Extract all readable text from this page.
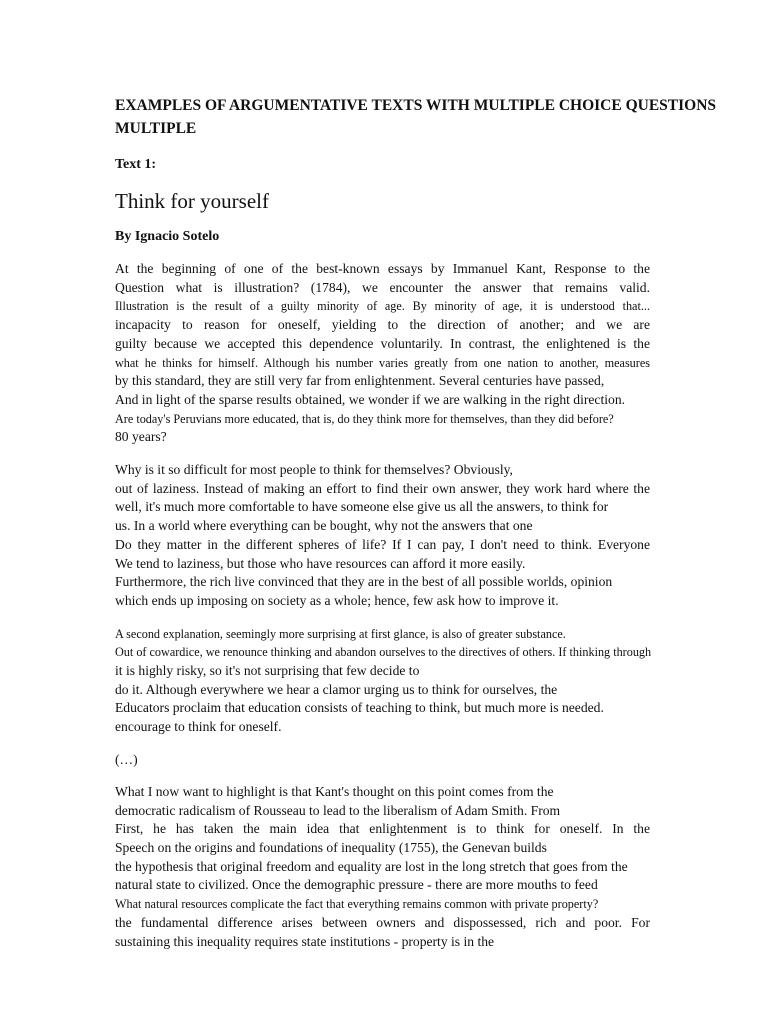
EXAMPLES OF ARGUMENTATIVE TEXTS WITH MULTIPLE CHOICE QUESTIONS
MULTIPLE
Text 1:
Think for yourself
By Ignacio Sotelo
At the beginning of one of the best-known essays by Immanuel Kant, Response to the
Question what is illustration? (1784), we encounter the answer that remains valid.
Illustration is the result of a guilty minority of age. By minority of age, it is understood that...
incapacity to reason for oneself, yielding to the direction of another; and we are
guilty because we accepted this dependence voluntarily. In contrast, the enlightened is the
what he thinks for himself. Although his number varies greatly from one nation to another, measures
by this standard, they are still very far from enlightenment. Several centuries have passed,
And in light of the sparse results obtained, we wonder if we are walking in the right direction.
Are today's Peruvians more educated, that is, do they think more for themselves, than they did before?
80 years?
Why is it so difficult for most people to think for themselves? Obviously,
out of laziness. Instead of making an effort to find their own answer, they work hard where the
well, it's much more comfortable to have someone else give us all the answers, to think for
us. In a world where everything can be bought, why not the answers that one
Do they matter in the different spheres of life? If I can pay, I don't need to think. Everyone
We tend to laziness, but those who have resources can afford it more easily.
Furthermore, the rich live convinced that they are in the best of all possible worlds, opinion
which ends up imposing on society as a whole; hence, few ask how to improve it.
A second explanation, seemingly more surprising at first glance, is also of greater substance.
Out of cowardice, we renounce thinking and abandon ourselves to the directives of others. If thinking through
it is highly risky, so it's not surprising that few decide to
do it. Although everywhere we hear a clamor urging us to think for ourselves, the
Educators proclaim that education consists of teaching to think, but much more is needed.
encourage to think for oneself.
(…)
What I now want to highlight is that Kant's thought on this point comes from the
democratic radicalism of Rousseau to lead to the liberalism of Adam Smith. From
First, he has taken the main idea that enlightenment is to think for oneself. In the
Speech on the origins and foundations of inequality (1755), the Genevan builds
the hypothesis that original freedom and equality are lost in the long stretch that goes from the
natural state to civilized. Once the demographic pressure - there are more mouths to feed
What natural resources complicate the fact that everything remains common with private property?
the fundamental difference arises between owners and dispossessed, rich and poor. For
sustaining this inequality requires state institutions - property is in the
